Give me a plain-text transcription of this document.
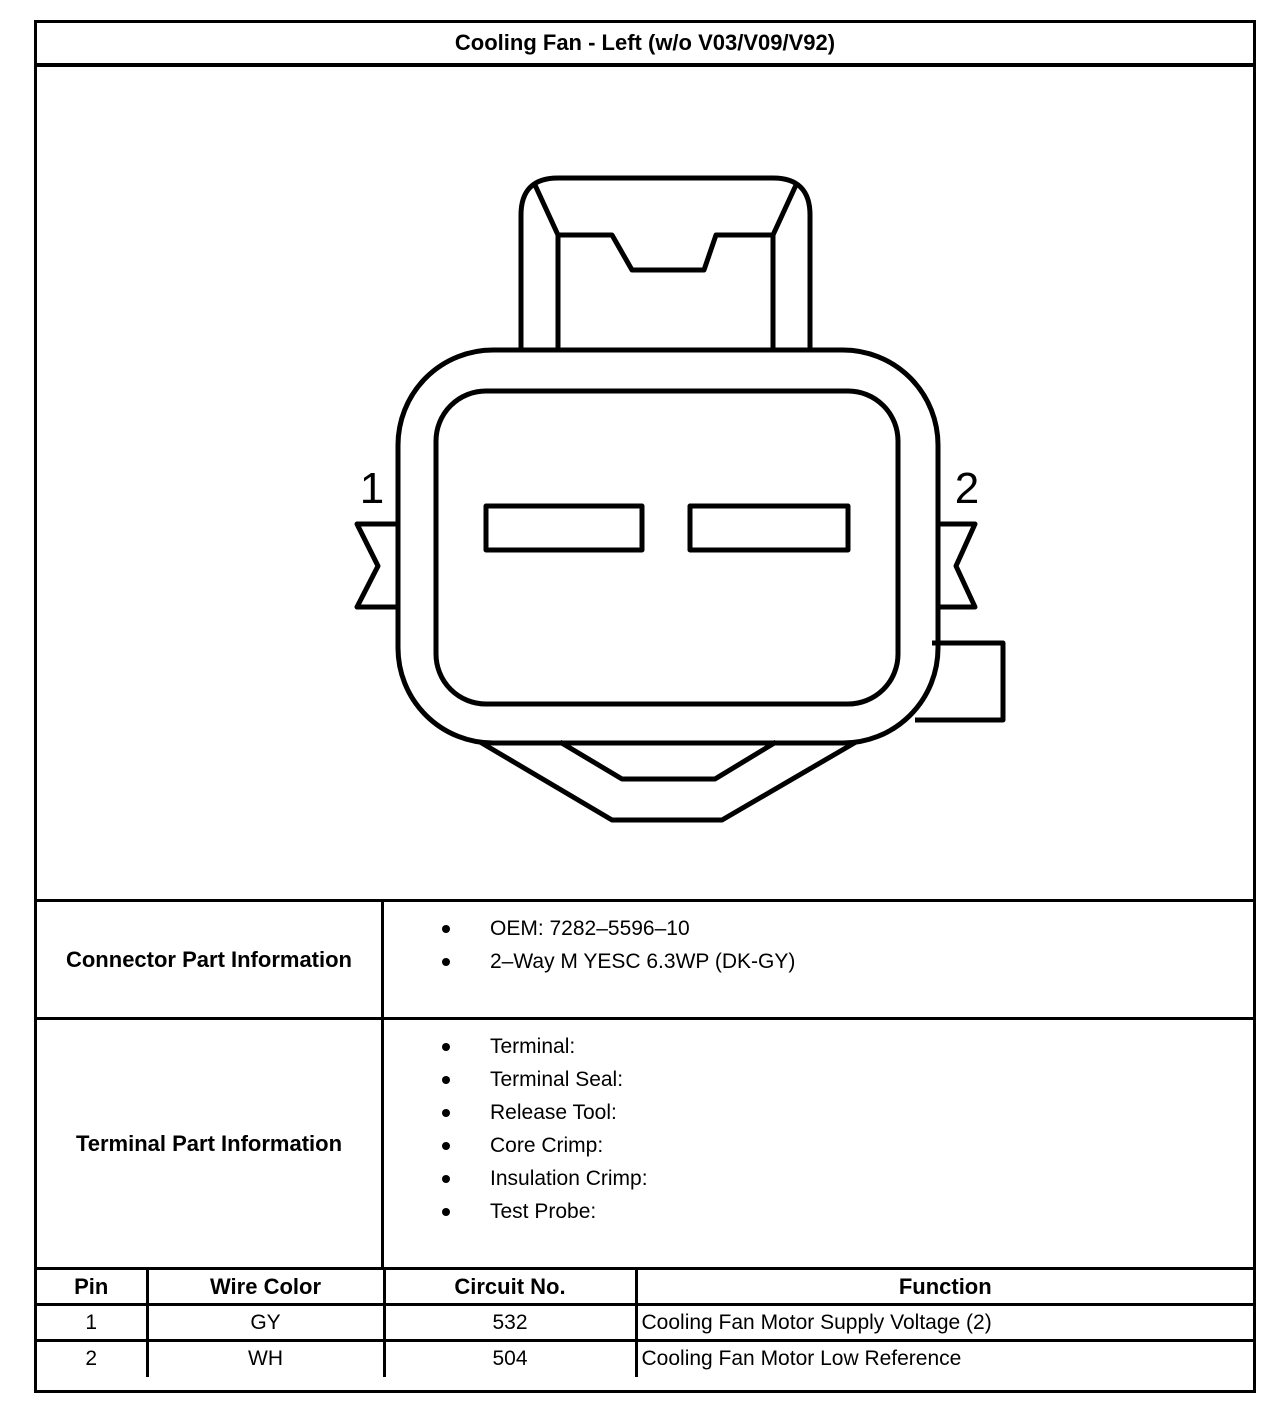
Cooling Fan - Left (w/o V03/V09/V92)
1	2
Connector Part Information
OEM: 7282–5596–10
2–Way M YESC 6.3WP (DK-GY)
Terminal Part Information
Terminal:
Terminal Seal:
Release Tool:
Core Crimp:
Insulation Crimp:
Test Probe:
Pin	Wire Color	Circuit No.	Function
1	GY	532	Cooling Fan Motor Supply Voltage (2)
2	WH	504	Cooling Fan Motor Low Reference
